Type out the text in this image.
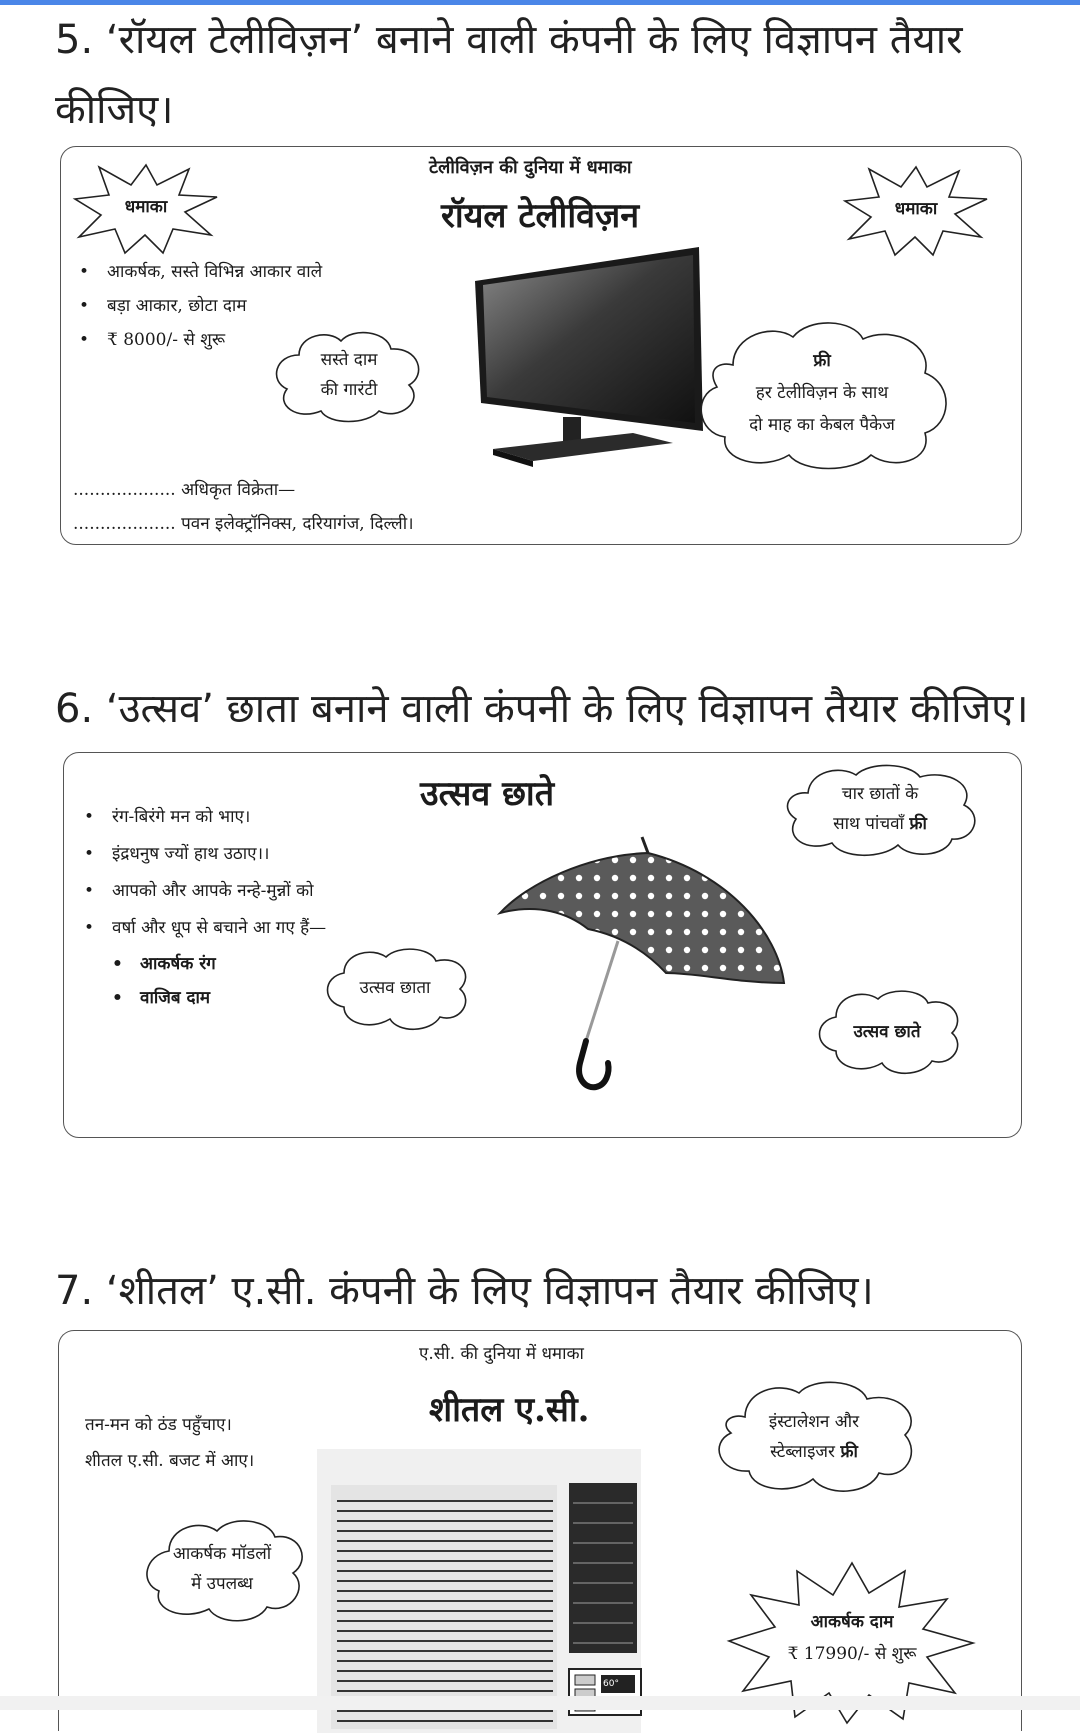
5. ‘रॉयल टेलीविज़न’ बनाने वाली कंपनी के लिए विज्ञापन तैयार

कीजिए।

टेलीविज़न की दुनिया में धमाका
रॉयल टेलीविज़न
धमाका	धमाका
• आकर्षक, सस्ते विभिन्न आकार वाले
• बड़ा आकार, छोटा दाम
• ₹ 8000/- से शुरू
सस्ते दाम
की गारंटी
फ्री
हर टेलीविज़न के साथ
दो माह का केबल पैकेज
................... अधिकृत विक्रेता—
................... पवन इलेक्ट्रॉनिक्स, दरियागंज, दिल्ली।

6. ‘उत्सव’ छाता बनाने वाली कंपनी के लिए विज्ञापन तैयार कीजिए।

उत्सव छाते
• रंग-बिरंगे मन को भाए।
• इंद्रधनुष ज्यों हाथ उठाए।।
• आपको और आपके नन्हे-मुन्नों को
• वर्षा और धूप से बचाने आ गए हैं—
• आकर्षक रंग
• वाजिब दाम
चार छातों के
साथ पांचवाँ फ्री
उत्सव छाता
उत्सव छाते

7. ‘शीतल’ ए.सी. कंपनी के लिए विज्ञापन तैयार कीजिए।

ए.सी. की दुनिया में धमाका
शीतल ए.सी.
तन-मन को ठंड पहुँचाए।
शीतल ए.सी. बजट में आए।
इंस्टालेशन और
स्टेब्लाइजर फ्री
आकर्षक मॉडलों
में उपलब्ध
60°
आकर्षक दाम
₹ 17990/- से शुरू
